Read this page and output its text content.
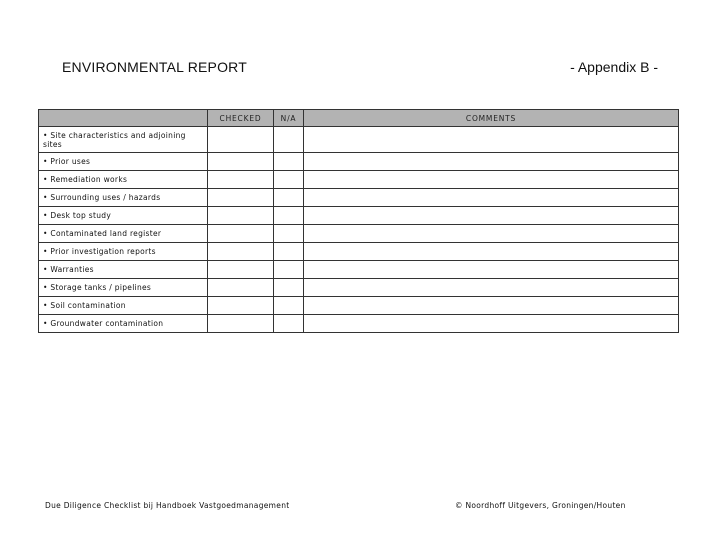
ENVIRONMENTAL REPORT	- Appendix B -
	CHECKED	N/A	COMMENTS
• Site characteristics and adjoining sites			
• Prior uses			
• Remediation works			
• Surrounding uses / hazards			
• Desk top study			
• Contaminated land register			
• Prior investigation reports			
• Warranties			
• Storage tanks / pipelines			
• Soil contamination			
• Groundwater contamination			
Due Diligence Checklist bij Handboek Vastgoedmanagement	© Noordhoff Uitgevers, Groningen/Houten
